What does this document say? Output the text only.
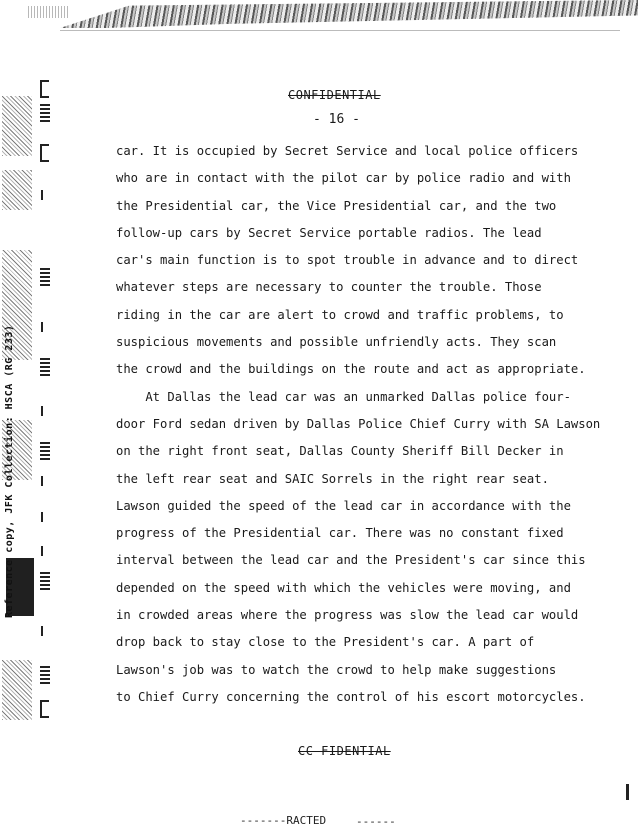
Reference copy, JFK Collection: HSCA (RG 233)
CONFIDENTIAL
- 16 -
car. It is occupied by Secret Service and local police officers
who are in contact with the pilot car by police radio and with
the Presidential car, the Vice Presidential car, and the two
follow-up cars by Secret Service portable radios. The lead
car's main function is to spot trouble in advance and to direct
whatever steps are necessary to counter the trouble. Those
riding in the car are alert to crowd and traffic problems, to
suspicious movements and possible unfriendly acts. They scan
the crowd and the buildings on the route and act as appropriate.
At Dallas the lead car was an unmarked Dallas police four-
door Ford sedan driven by Dallas Police Chief Curry with SA Lawson
on the right front seat, Dallas County Sheriff Bill Decker in
the left rear seat and SAIC Sorrels in the right rear seat.
Lawson guided the speed of the lead car in accordance with the
progress of the Presidential car. There was no constant fixed
interval between the lead car and the President's car since this
depended on the speed with which the vehicles were moving, and
in crowded areas where the progress was slow the lead car would
drop back to stay close to the President's car. A part of
Lawson's job was to watch the crowd to help make suggestions
to Chief Curry concerning the control of his escort motorcycles.
CC FIDENTIAL
-------RACTED	------
